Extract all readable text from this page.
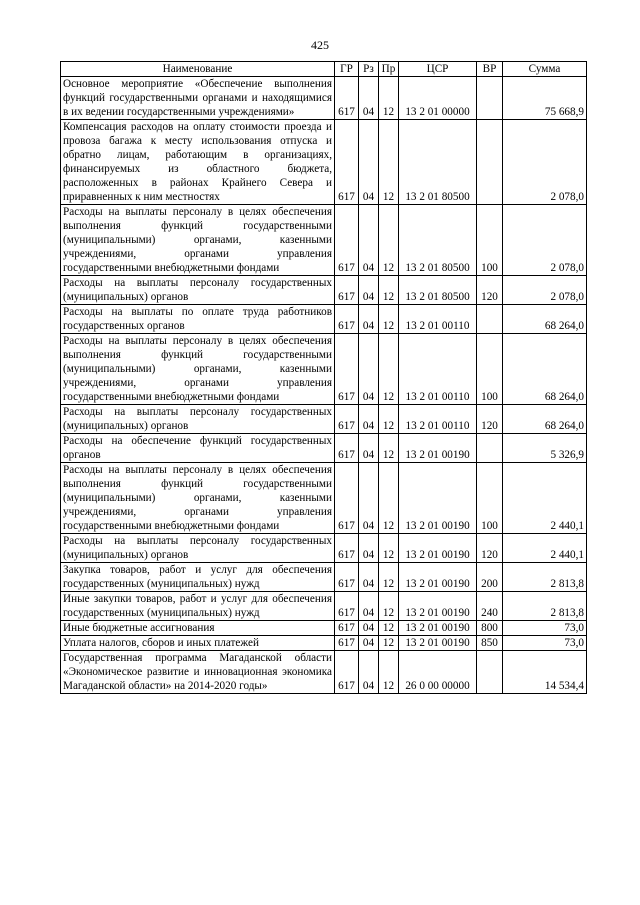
425
Наименование	ГР	Рз	Пр	ЦСР	ВР	Сумма
Основное мероприятие «Обеспечение выполнения функций государственными органами и находящимися в их ведении государственными учреждениями»	617	04	12	13 2 01 00000		75 668,9
Компенсация расходов на оплату стоимости проезда и провоза багажа к месту использования отпуска и обратно лицам, работающим в организациях, финансируемых из областного бюджета, расположенных в районах Крайнего Севера и приравненных к ним местностях	617	04	12	13 2 01 80500		2 078,0
Расходы на выплаты персоналу в целях обеспечения выполнения функций государственными (муниципальными) органами, казенными учреждениями, органами управления государственными внебюджетными фондами	617	04	12	13 2 01 80500	100	2 078,0
Расходы на выплаты персоналу государственных (муниципальных) органов	617	04	12	13 2 01 80500	120	2 078,0
Расходы на выплаты по оплате труда работников государственных органов	617	04	12	13 2 01 00110		68 264,0
Расходы на выплаты персоналу в целях обеспечения выполнения функций государственными (муниципальными) органами, казенными учреждениями, органами управления государственными внебюджетными фондами	617	04	12	13 2 01 00110	100	68 264,0
Расходы на выплаты персоналу государственных (муниципальных) органов	617	04	12	13 2 01 00110	120	68 264,0
Расходы на обеспечение функций государственных органов	617	04	12	13 2 01 00190		5 326,9
Расходы на выплаты персоналу в целях обеспечения выполнения функций государственными (муниципальными) органами, казенными учреждениями, органами управления государственными внебюджетными фондами	617	04	12	13 2 01 00190	100	2 440,1
Расходы на выплаты персоналу государственных (муниципальных) органов	617	04	12	13 2 01 00190	120	2 440,1
Закупка товаров, работ и услуг для обеспечения государственных (муниципальных) нужд	617	04	12	13 2 01 00190	200	2 813,8
Иные закупки товаров, работ и услуг для обеспечения государственных (муниципальных) нужд	617	04	12	13 2 01 00190	240	2 813,8
Иные бюджетные ассигнования	617	04	12	13 2 01 00190	800	73,0
Уплата налогов, сборов и иных платежей	617	04	12	13 2 01 00190	850	73,0
Государственная программа Магаданской области «Экономическое развитие и инновационная экономика Магаданской области» на 2014-2020 годы»	617	04	12	26 0 00 00000		14 534,4
